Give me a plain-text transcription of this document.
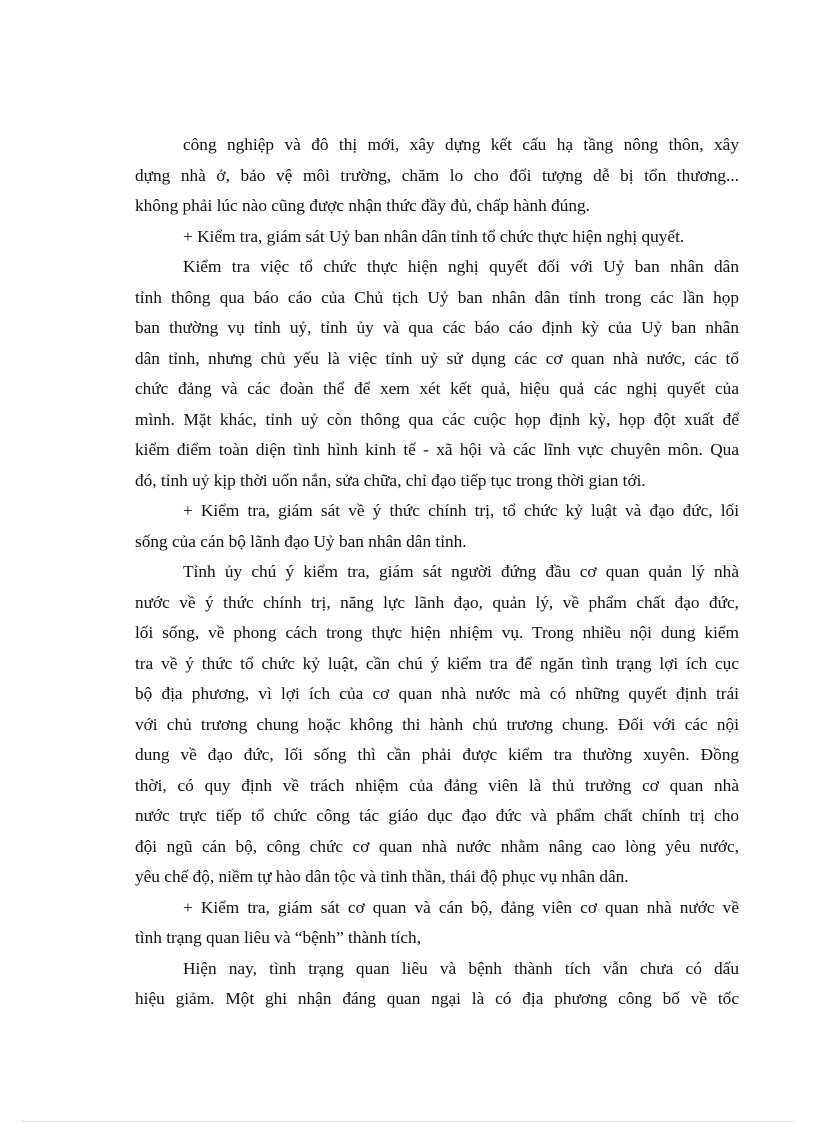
công nghiệp và đô thị mới, xây dựng kết cấu hạ tầng nông thôn, xây
dựng nhà ở, bảo vệ môi trường, chăm lo cho đối tượng dễ bị tổn thương...
không phải lúc nào cũng được nhận thức đầy đủ, chấp hành đúng.
+ Kiểm tra, giám sát Uỷ ban nhân dân tỉnh tổ chức thực hiện nghị quyết.
Kiểm tra việc tổ chức thực hiện nghị quyết đối với Uỷ ban nhân dân
tỉnh thông qua báo cáo của Chủ tịch Uỷ ban nhân dân tỉnh trong các lần họp
ban thường vụ tỉnh uỷ, tỉnh ủy và qua các báo cáo định kỳ của Uỷ ban nhân
dân tỉnh, nhưng chủ yếu là việc tỉnh uỷ sử dụng các cơ quan nhà nước, các tổ
chức đảng và các đoàn thể để xem xét kết quả, hiệu quả các nghị quyết của
mình. Mặt khác, tỉnh uỷ còn thông qua các cuộc họp định kỳ, họp đột xuất để
kiểm điểm toàn diện tình hình kinh tế - xã hội và các lĩnh vực chuyên môn. Qua
đó, tỉnh uỷ kịp thời uốn nắn, sửa chữa, chỉ đạo tiếp tục trong thời gian tới.
+ Kiểm tra, giám sát về ý thức chính trị, tổ chức kỷ luật và đạo đức, lối
sống của cán bộ lãnh đạo Uỷ ban nhân dân tỉnh.
Tỉnh ủy chú ý kiểm tra, giám sát người đứng đầu cơ quan quản lý nhà
nước về ý thức chính trị, năng lực lãnh đạo, quản lý, về phẩm chất đạo đức,
lối sống, về phong cách trong thực hiện nhiệm vụ. Trong nhiều nội dung kiểm
tra về ý thức tổ chức kỷ luật, cần chú ý kiểm tra để ngăn tình trạng lợi ích cục
bộ địa phương, vì lợi ích của cơ quan nhà nước mà có những quyết định trái
với chủ trương chung hoặc không thi hành chủ trương chung. Đối với các nội
dung về đạo đức, lối sống thì cần phải được kiểm tra thường xuyên. Đồng
thời, có quy định về trách nhiệm của đảng viên là thủ trưởng cơ quan nhà
nước trực tiếp tổ chức công tác giáo dục đạo đức và phẩm chất chính trị cho
đội ngũ cán bộ, công chức cơ quan nhà nước nhằm nâng cao lòng yêu nước,
yêu chế độ, niềm tự hào dân tộc và tinh thần, thái độ phục vụ nhân dân.
+ Kiểm tra, giám sát cơ quan và cán bộ, đảng viên cơ quan nhà nước về
tình trạng quan liêu và “bệnh” thành tích,
Hiện nay, tình trạng quan liêu và bệnh thành tích vẫn chưa có dấu
hiệu giảm. Một ghi nhận đáng quan ngại là có địa phương công bố về tốc
